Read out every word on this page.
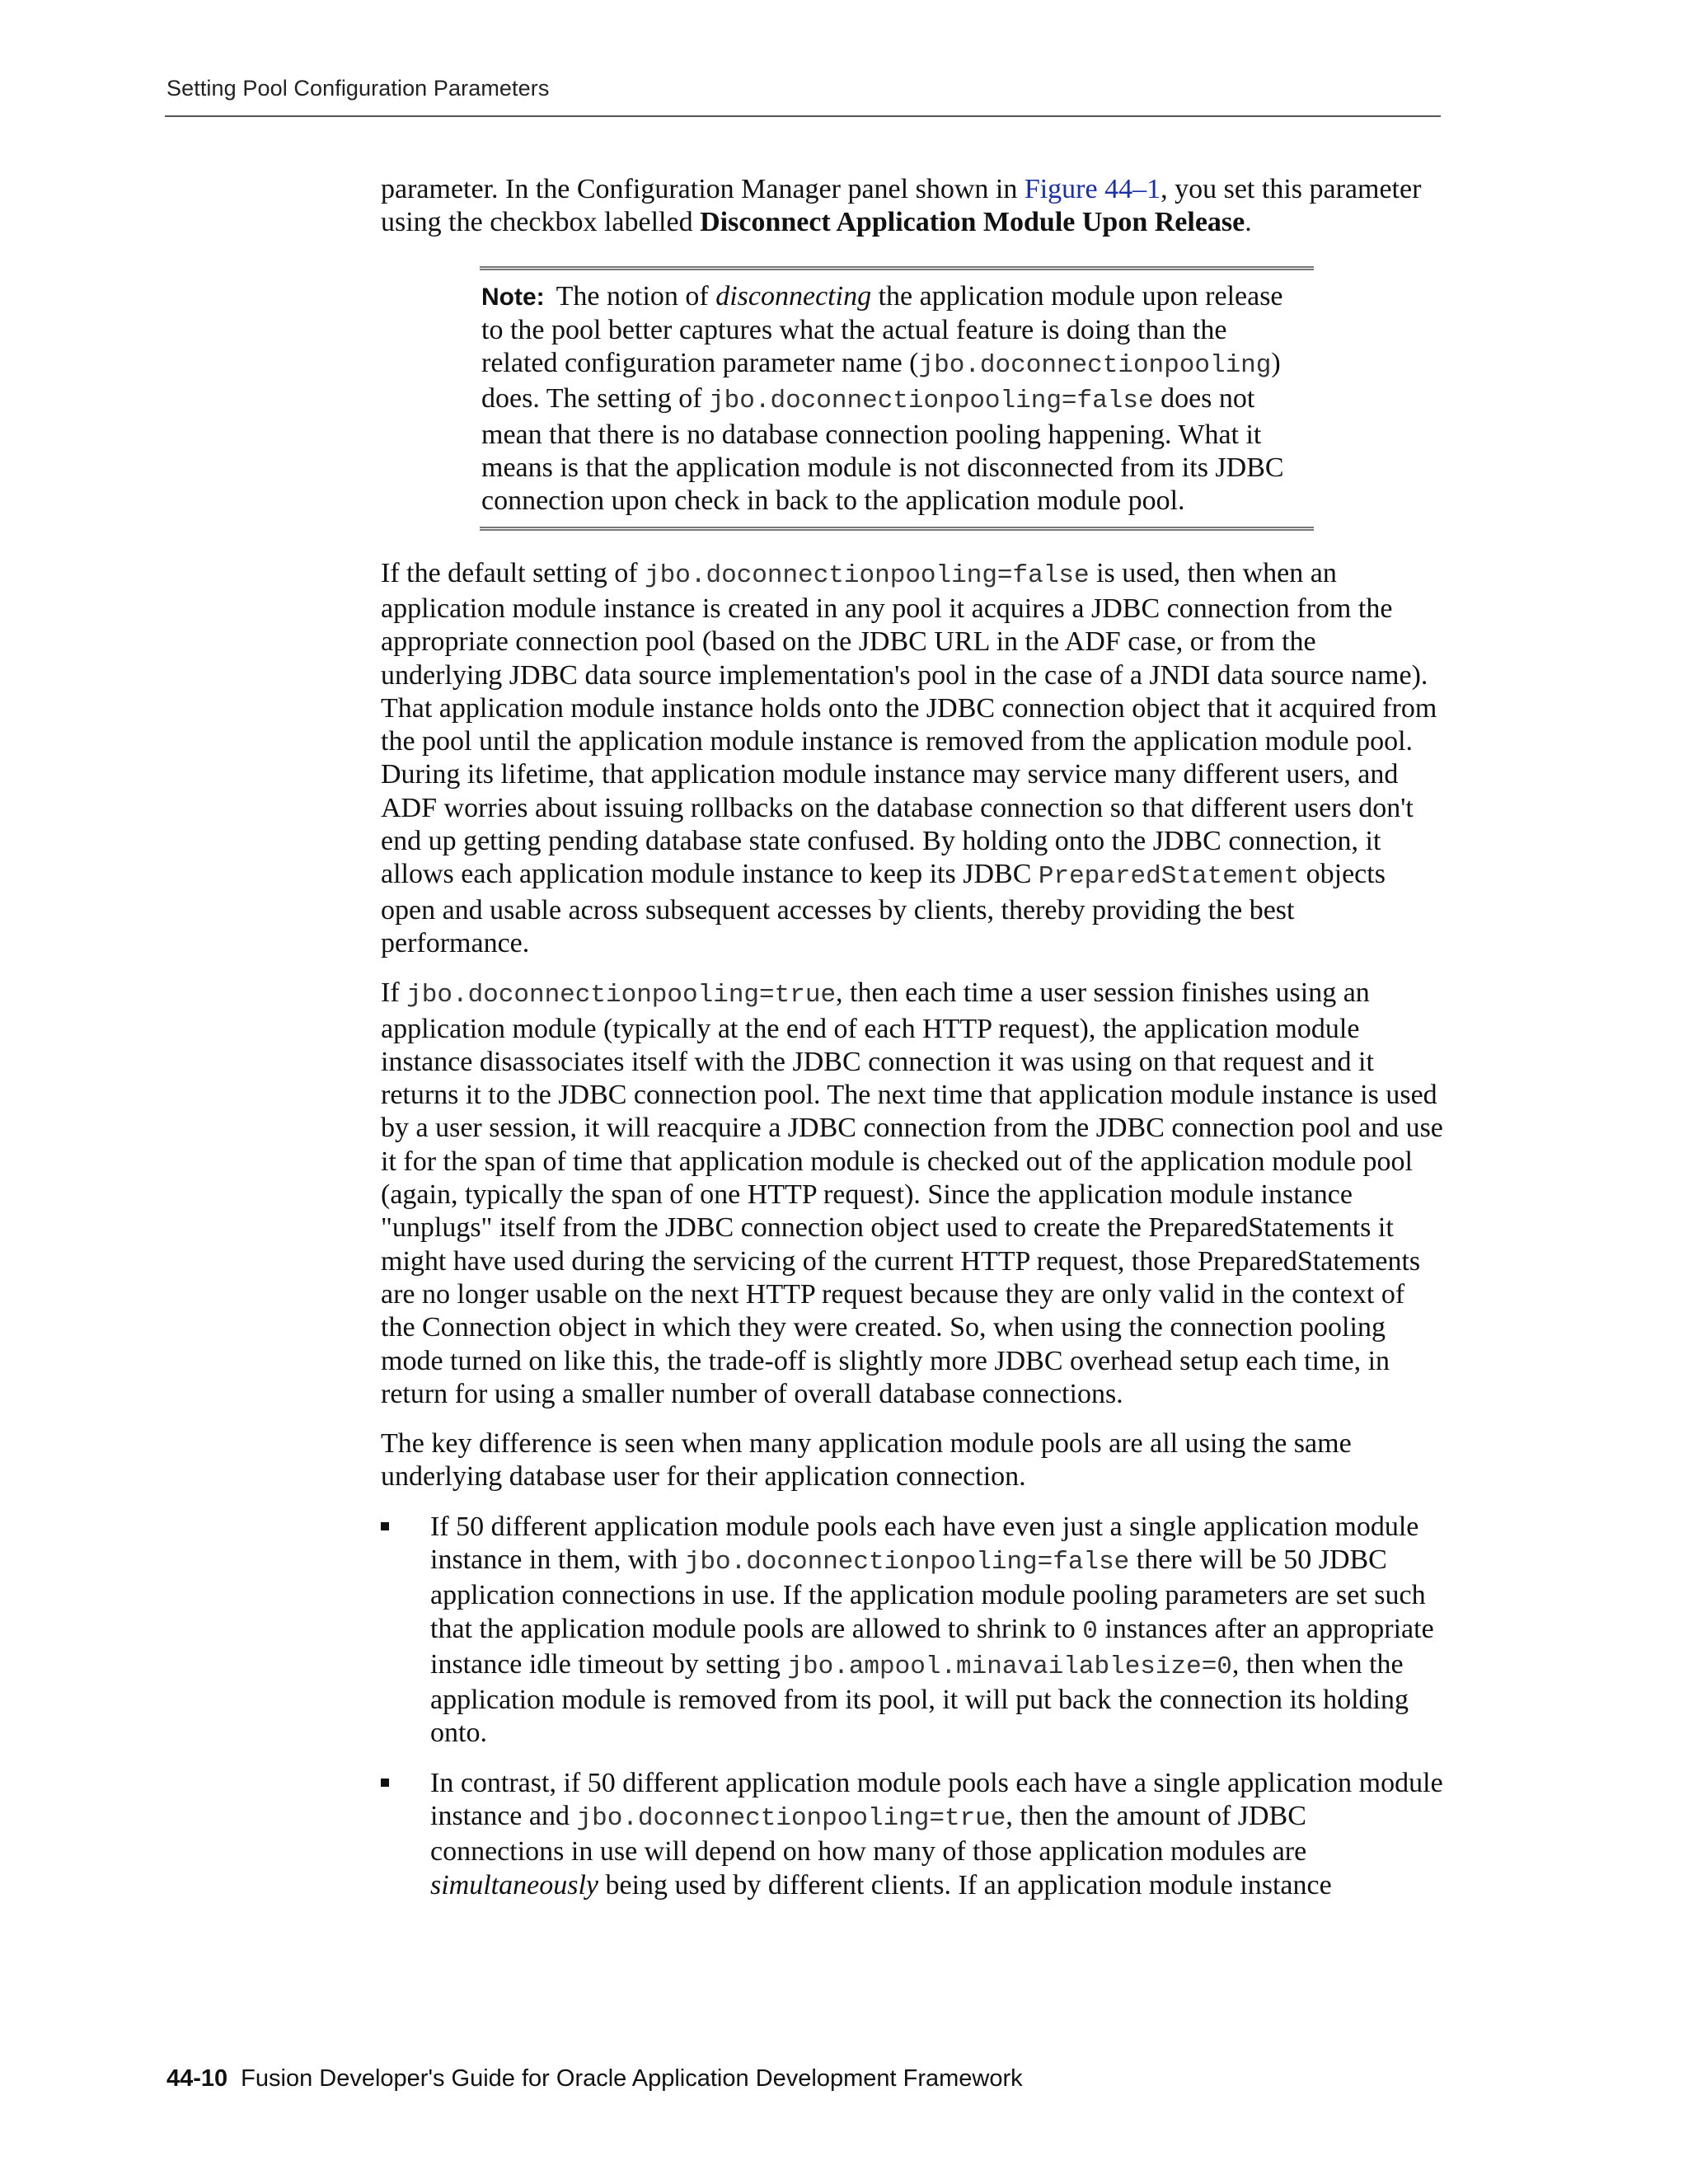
Setting Pool Configuration Parameters

parameter. In the Configuration Manager panel shown in Figure 44–1, you set this parameter using the checkbox labelled Disconnect Application Module Upon Release.

Note: The notion of disconnecting the application module upon release to the pool better captures what the actual feature is doing than the related configuration parameter name (jbo.doconnectionpooling) does. The setting of jbo.doconnectionpooling=false does not mean that there is no database connection pooling happening. What it means is that the application module is not disconnected from its JDBC connection upon check in back to the application module pool.

If the default setting of jbo.doconnectionpooling=false is used, then when an application module instance is created in any pool it acquires a JDBC connection from the appropriate connection pool (based on the JDBC URL in the ADF case, or from the underlying JDBC data source implementation's pool in the case of a JNDI data source name). That application module instance holds onto the JDBC connection object that it acquired from the pool until the application module instance is removed from the application module pool. During its lifetime, that application module instance may service many different users, and ADF worries about issuing rollbacks on the database connection so that different users don't end up getting pending database state confused. By holding onto the JDBC connection, it allows each application module instance to keep its JDBC PreparedStatement objects open and usable across subsequent accesses by clients, thereby providing the best performance.

If jbo.doconnectionpooling=true, then each time a user session finishes using an application module (typically at the end of each HTTP request), the application module instance disassociates itself with the JDBC connection it was using on that request and it returns it to the JDBC connection pool. The next time that application module instance is used by a user session, it will reacquire a JDBC connection from the JDBC connection pool and use it for the span of time that application module is checked out of the application module pool (again, typically the span of one HTTP request). Since the application module instance "unplugs" itself from the JDBC connection object used to create the PreparedStatements it might have used during the servicing of the current HTTP request, those PreparedStatements are no longer usable on the next HTTP request because they are only valid in the context of the Connection object in which they were created. So, when using the connection pooling mode turned on like this, the trade-off is slightly more JDBC overhead setup each time, in return for using a smaller number of overall database connections.

The key difference is seen when many application module pools are all using the same underlying database user for their application connection.

If 50 different application module pools each have even just a single application module instance in them, with jbo.doconnectionpooling=false there will be 50 JDBC application connections in use. If the application module pooling parameters are set such that the application module pools are allowed to shrink to 0 instances after an appropriate instance idle timeout by setting jbo.ampool.minavailablesize=0, then when the application module is removed from its pool, it will put back the connection its holding onto.
In contrast, if 50 different application module pools each have a single application module instance and jbo.doconnectionpooling=true, then the amount of JDBC connections in use will depend on how many of those application modules are simultaneously being used by different clients. If an application module instance
44-10 Fusion Developer's Guide for Oracle Application Development Framework
